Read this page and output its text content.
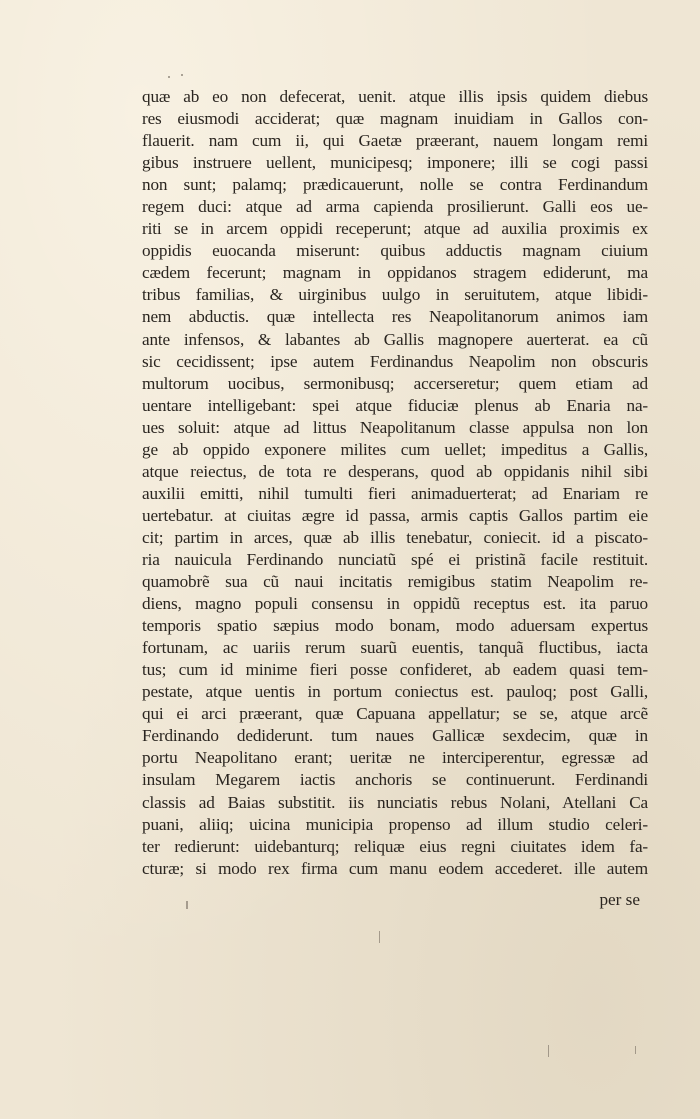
quæ ab eo non defecerat, uenit. atque illis ipsis quidem diebus
res eiusmodi acciderat; quæ magnam inuidiam in Gallos con-
flauerit. nam cum ii, qui Gaetæ præerant, nauem longam remi
gibus instruere uellent, municipesq; imponere; illi se cogi passi
non sunt; palamq; prædicauerunt, nolle se contra Ferdinandum
regem duci: atque ad arma capienda prosilierunt. Galli eos ue-
riti se in arcem oppidi receperunt; atque ad auxilia proximis ex
oppidis euocanda miserunt: quibus adductis magnam ciuium
cædem fecerunt; magnam in oppidanos stragem ediderunt, ma
tribus familias, & uirginibus uulgo in seruitutem, atque libidi-
nem abductis. quæ intellecta res Neapolitanorum animos iam
ante infensos, & labantes ab Gallis magnopere auerterat. ea cũ
sic cecidissent; ipse autem Ferdinandus Neapolim non obscuris
multorum uocibus, sermonibusq; accerseretur; quem etiam ad
uentare intelligebant: spei atque fiduciæ plenus ab Enaria na-
ues soluit: atque ad littus Neapolitanum classe appulsa non lon
ge ab oppido exponere milites cum uellet; impeditus a Gallis,
atque reiectus, de tota re desperans, quod ab oppidanis nihil sibi
auxilii emitti, nihil tumulti fieri animaduerterat; ad Enariam re
uertebatur. at ciuitas ægre id passa, armis captis Gallos partim eie
cit; partim in arces, quæ ab illis tenebatur, coniecit. id a piscato-
ria nauicula Ferdinando nunciatũ spé ei pristinã facile restituit.
quamobrẽ sua cũ naui incitatis remigibus statim Neapolim re-
diens, magno populi consensu in oppidũ receptus est. ita paruo
temporis spatio sæpius modo bonam, modo aduersam expertus
fortunam, ac uariis rerum suarũ euentis, tanquã fluctibus, iacta
tus; cum id minime fieri posse confideret, ab eadem quasi tem-
pestate, atque uentis in portum coniectus est. pauloq; post Galli,
qui ei arci præerant, quæ Capuana appellatur; se se, atque arcẽ
Ferdinando dediderunt. tum naues Gallicæ sexdecim, quæ in
portu Neapolitano erant; ueritæ ne interciperentur, egressæ ad
insulam Megarem iactis anchoris se continuerunt. Ferdinandi
classis ad Baias substitit. iis nunciatis rebus Nolani, Atellani Ca
puani, aliiq; uicina municipia propenso ad illum studio celeri-
ter redierunt: uidebanturq; reliquæ eius regni ciuitates idem fa-
cturæ; si modo rex firma cum manu eodem accederet. ille autem
per se
